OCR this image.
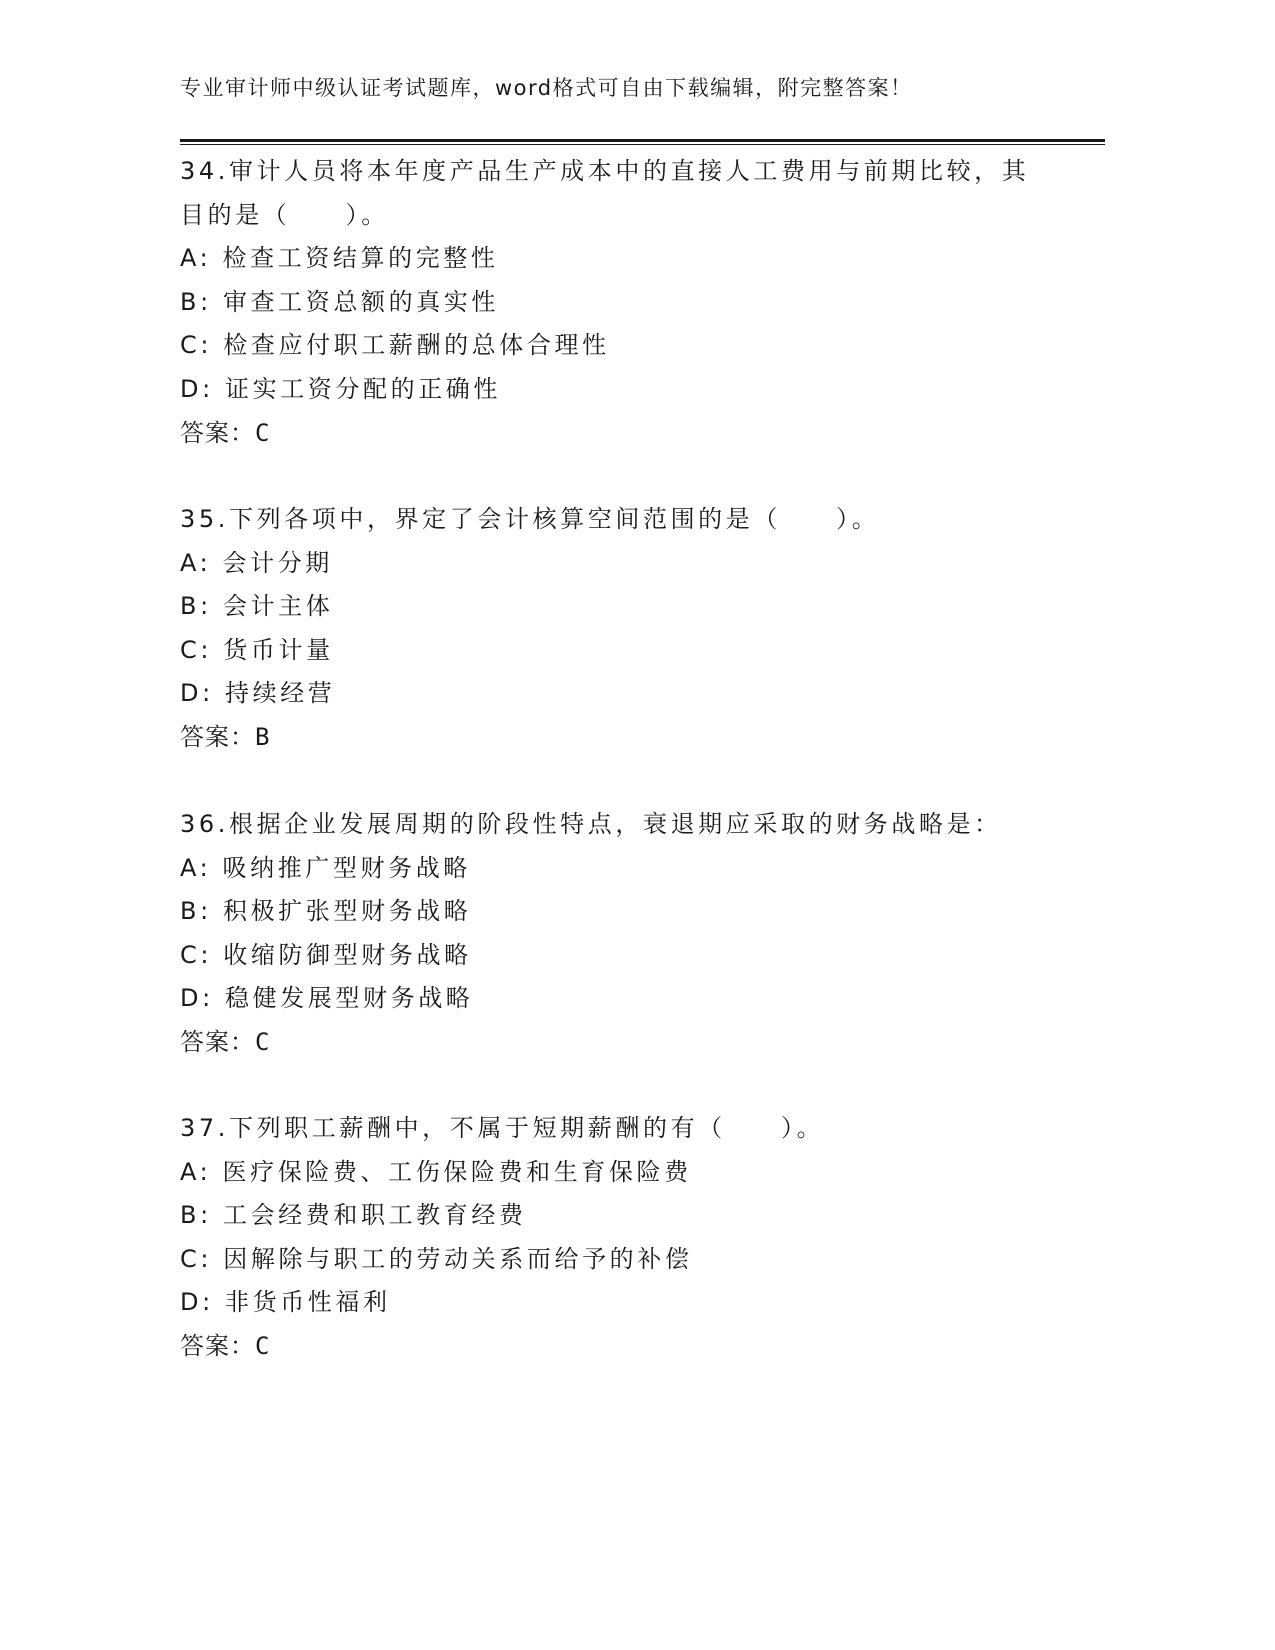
专业审计师中级认证考试题库，word格式可自由下载编辑，附完整答案！
34.审计人员将本年度产品生产成本中的直接人工费用与前期比较，其
目的是（　　）。
A: 检查工资结算的完整性
B: 审查工资总额的真实性
C: 检查应付职工薪酬的总体合理性
D: 证实工资分配的正确性
答案：C
35.下列各项中，界定了会计核算空间范围的是（　　）。
A: 会计分期
B: 会计主体
C: 货币计量
D: 持续经营
答案：B
36.根据企业发展周期的阶段性特点，衰退期应采取的财务战略是：
A: 吸纳推广型财务战略
B: 积极扩张型财务战略
C: 收缩防御型财务战略
D: 稳健发展型财务战略
答案：C
37.下列职工薪酬中，不属于短期薪酬的有（　　）。
A: 医疗保险费、工伤保险费和生育保险费
B: 工会经费和职工教育经费
C: 因解除与职工的劳动关系而给予的补偿
D: 非货币性福利
答案：C
